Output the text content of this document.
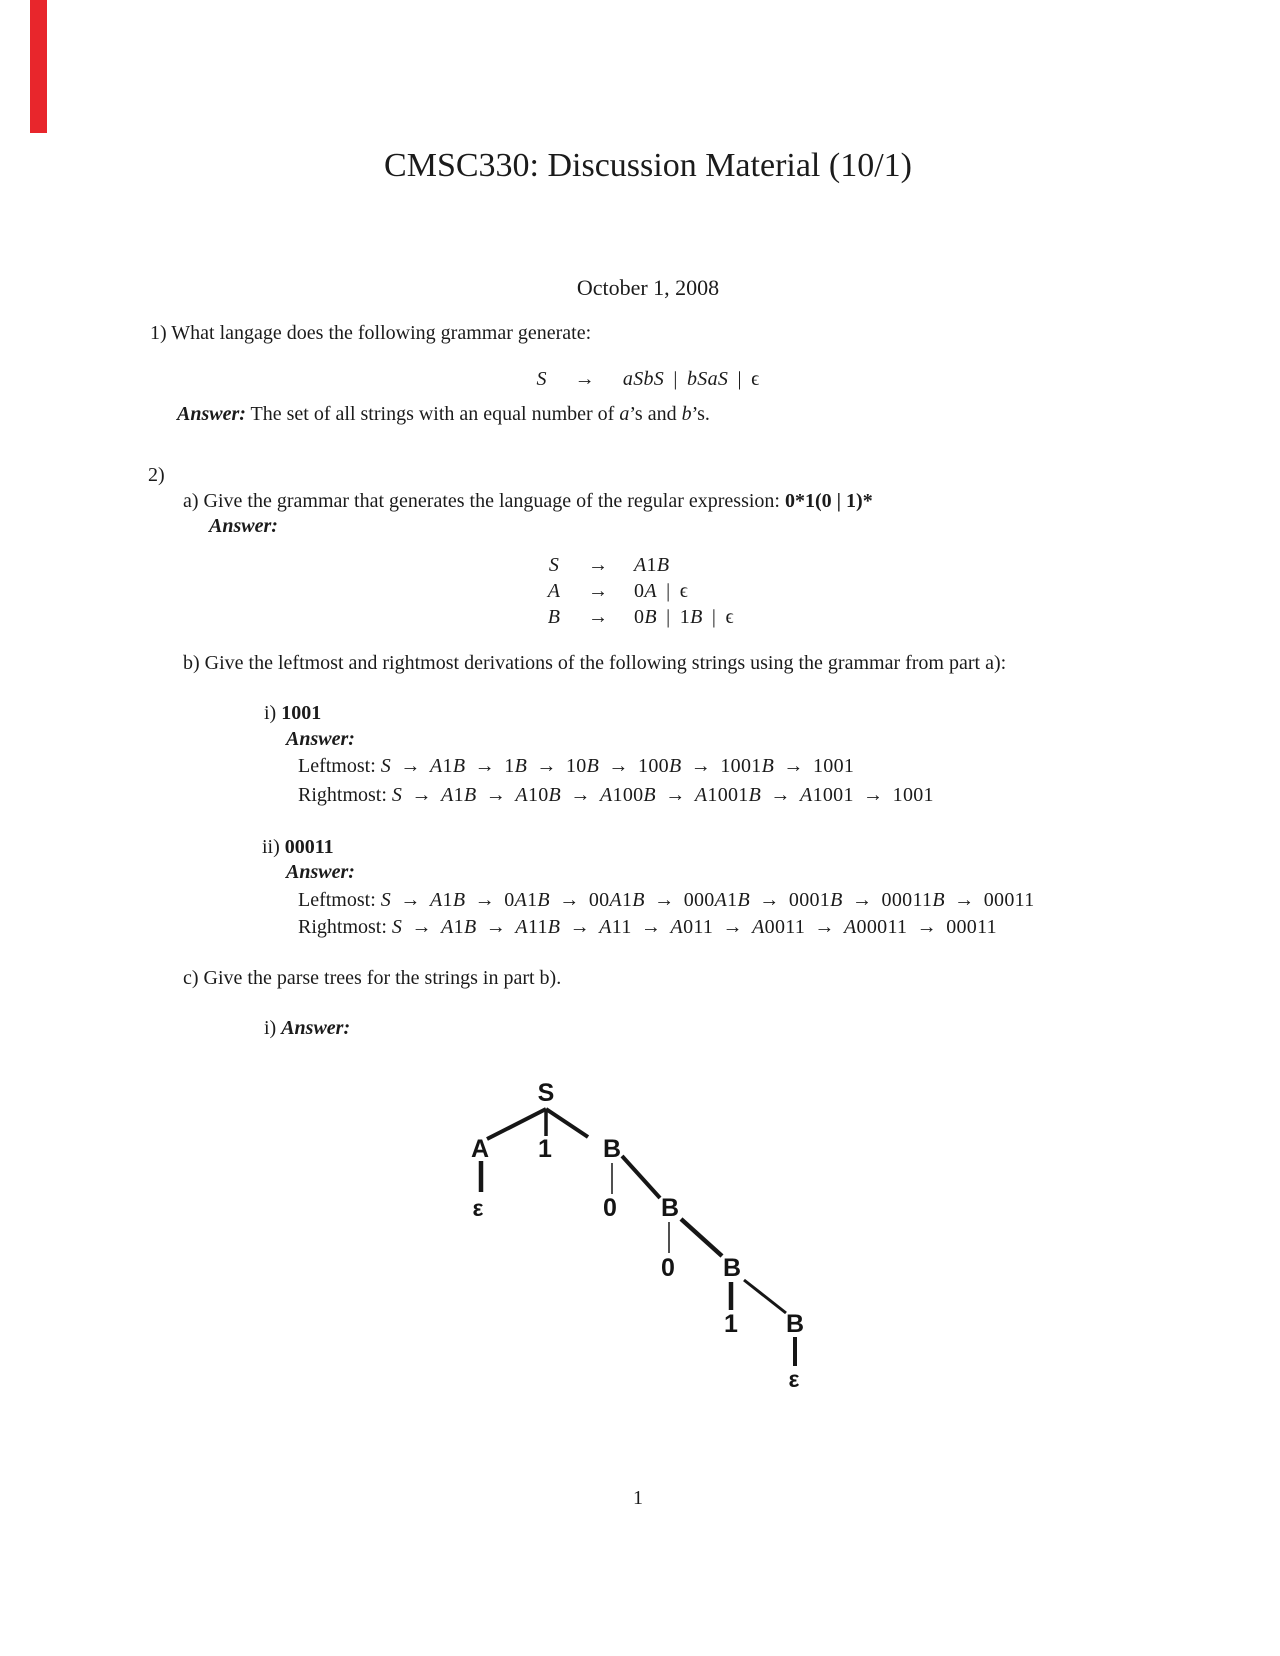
CMSC330: Discussion Material (10/1)
October 1, 2008
1) What langage does the following grammar generate:
S   →   aSbS | bSaS | ϵ
Answer: The set of all strings with an equal number of a’s and b’s.
2)
a) Give the grammar that generates the language of the regular expression: 0*1(0 | 1)*
Answer:
S	→	A1B
A	→	0A | ϵ
B	→	0B | 1B | ϵ
b) Give the leftmost and rightmost derivations of the following strings using the grammar from part a):
i) 1001
Answer:
Leftmost: S → A1B → 1B → 10B → 100B → 1001B → 1001
Rightmost: S → A1B → A10B → A100B → A1001B → A1001 → 1001
ii) 00011
Answer:
Leftmost: S → A1B → 0A1B → 00A1B → 000A1B → 0001B → 00011B → 00011
Rightmost: S → A1B → A11B → A11 → A011 → A0011 → A00011 → 00011
c) Give the parse trees for the strings in part b).
i) Answer:
S
A 1 B
ε	0 B
0 B
1 B
ε
1
